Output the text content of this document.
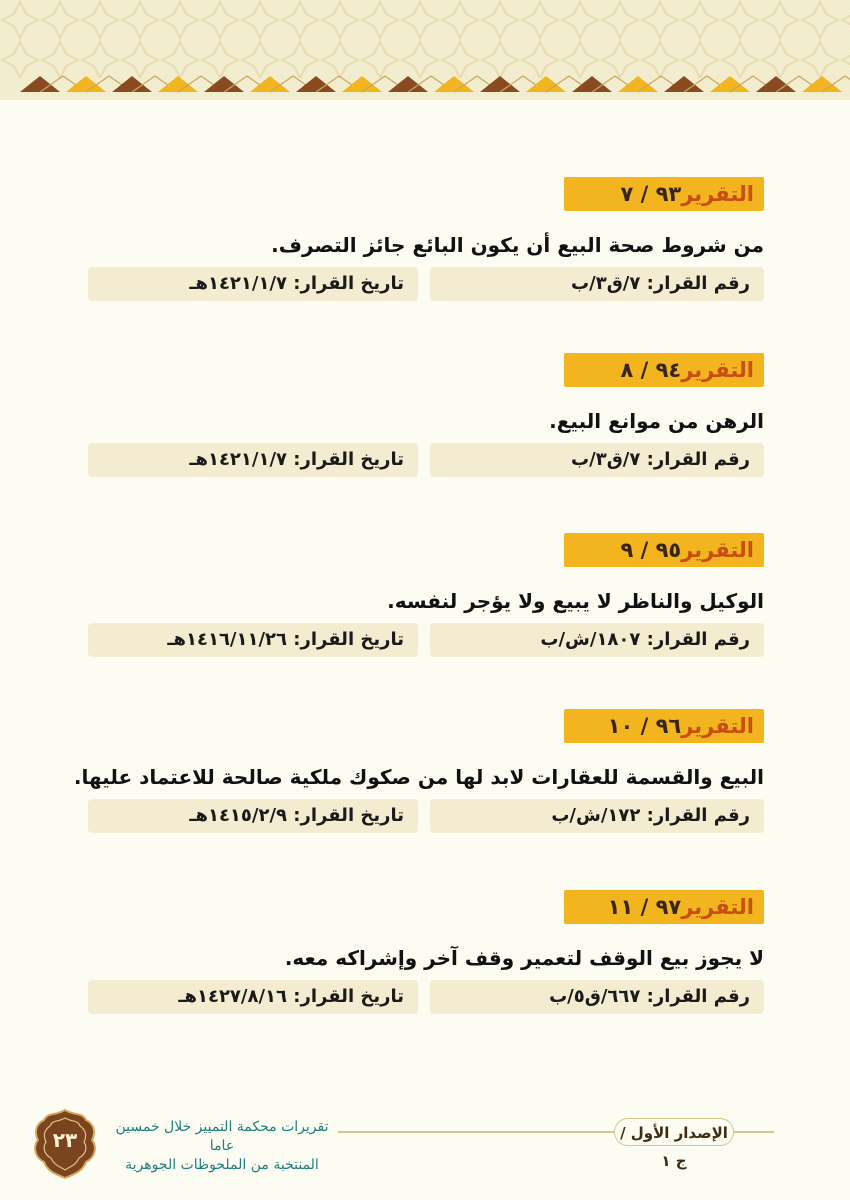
التقرير٩٣ / ٧
من شروط صحة البيع أن يكون البائع جائز التصرف.
رقم القرار: ٧/ق٣/ب
تاريخ القرار: ١٤٢١/١/٧هـ
التقرير٩٤ / ٨
الرهن من موانع البيع.
رقم القرار: ٧/ق٣/ب
تاريخ القرار: ١٤٢١/١/٧هـ
التقرير٩٥ / ٩
الوكيل والناظر لا يبيع ولا يؤجر لنفسه.
رقم القرار: ١٨٠٧/ش/ب
تاريخ القرار: ١٤١٦/١١/٢٦هـ
التقرير٩٦ / ١٠
البيع والقسمة للعقارات لابد لها من صكوك ملكية صالحة للاعتماد عليها.
رقم القرار: ١٧٢/ش/ب
تاريخ القرار: ١٤١٥/٢/٩هـ
التقرير٩٧ / ١١
لا يجوز بيع الوقف لتعمير وقف آخر وإشراكه معه.
رقم القرار: ٦٦٧/ق٥/ب
تاريخ القرار: ١٤٢٧/٨/١٦هـ
الإصدار الأول / ج ١
تقريرات محكمة التمييز خلال خمسين عاما
المنتخبة من الملحوظات الجوهرية
٢٣
